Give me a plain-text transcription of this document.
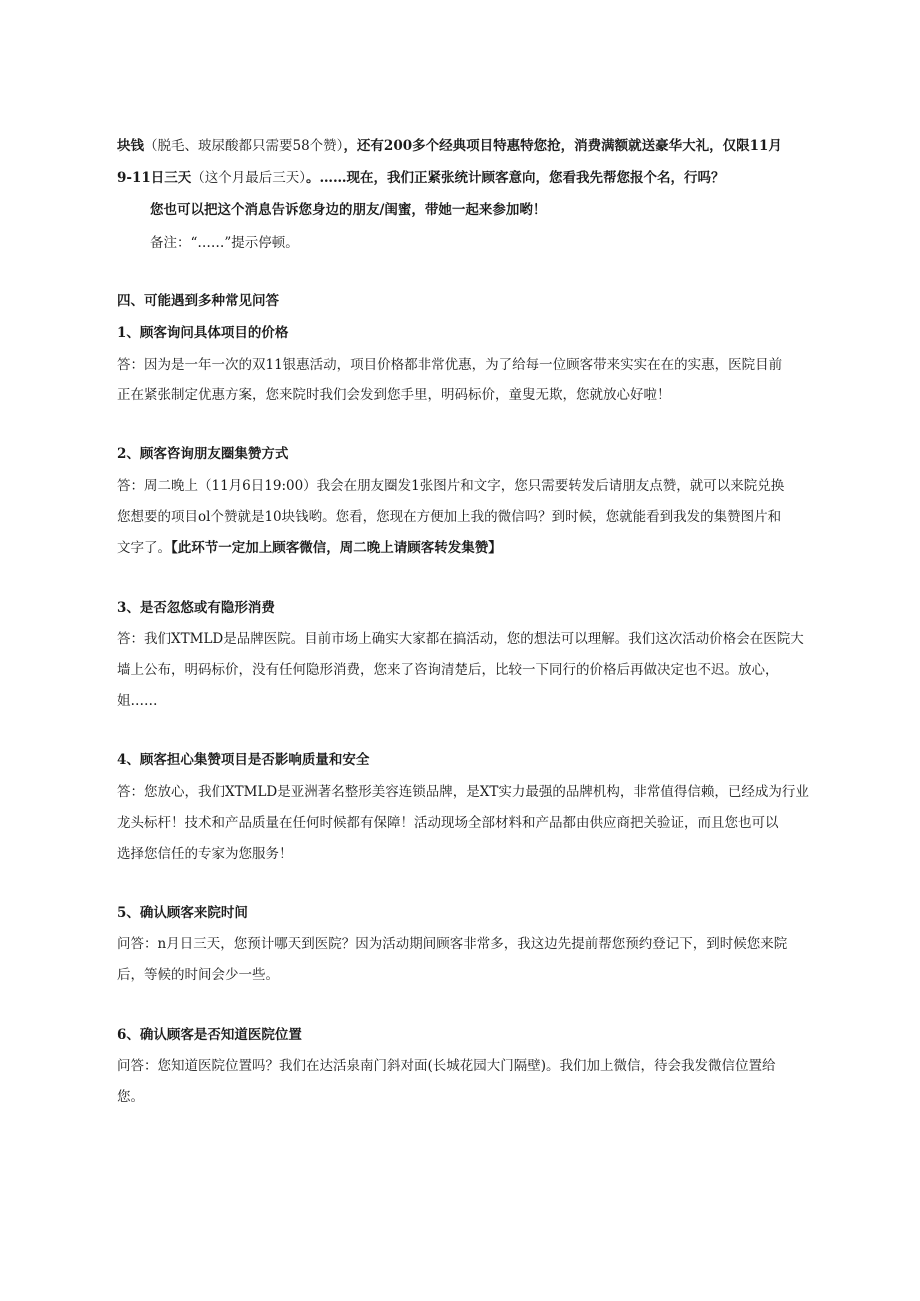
块钱（脱毛、玻尿酸都只需要58个赞），还有200多个经典项目特惠特您抢，消费满额就送豪华大礼，仅限11月
9-11日三天（这个月最后三天）。……现在，我们正紧张统计顾客意向，您看我先帮您报个名，行吗？
您也可以把这个消息告诉您身边的朋友/闺蜜，带她一起来参加哟！
备注：“……”提示停顿。
四、可能遇到多种常见问答
1、顾客询问具体项目的价格
答：因为是一年一次的双11银惠活动，项目价格都非常优惠，为了给每一位顾客带来实实在在的实惠，医院目前
正在紧张制定优惠方案，您来院时我们会发到您手里，明码标价，童叟无欺，您就放心好啦！
2、顾客咨询朋友圈集赞方式
答：周二晚上（11月6日19:00）我会在朋友圈发1张图片和文字，您只需要转发后请朋友点赞，就可以来院兑换
您想要的项目ol个赞就是10块钱哟。您看，您现在方便加上我的微信吗？到时候，您就能看到我发的集赞图片和
文字了。【此环节一定加上顾客微信，周二晚上请顾客转发集赞】
3、是否忽悠或有隐形消费
答：我们XTMLD是品牌医院。目前市场上确实大家都在搞活动，您的想法可以理解。我们这次活动价格会在医院大
墙上公布，明码标价，没有任何隐形消费，您来了咨询清楚后，比较一下同行的价格后再做决定也不迟。放心，
姐……
4、顾客担心集赞项目是否影响质量和安全
答：您放心，我们XTMLD是亚洲著名整形美容连锁品牌，是XT实力最强的品牌机构，非常值得信赖，已经成为行业
龙头标杆！技术和产品质量在任何时候都有保障！活动现场全部材料和产品都由供应商把关验证，而且您也可以
选择您信任的专家为您服务！
5、确认顾客来院时间
问答：n月日三天，您预计哪天到医院？因为活动期间顾客非常多，我这边先提前帮您预约登记下，到时候您来院
后，等候的时间会少一些。
6、确认顾客是否知道医院位置
问答：您知道医院位置吗？我们在达活泉南门斜对面(长城花园大门隔壁)。我们加上微信，待会我发微信位置给
您。
